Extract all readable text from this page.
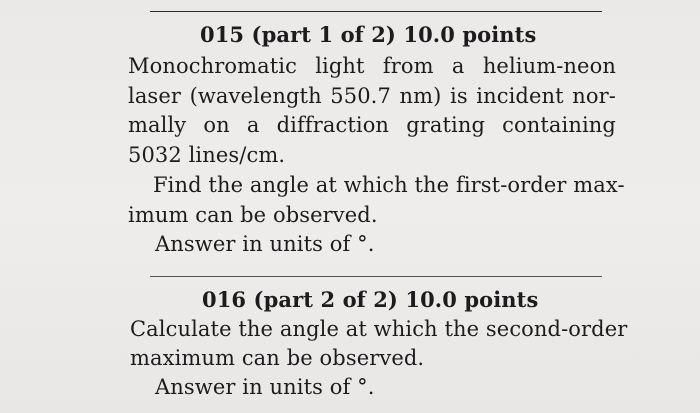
015 (part 1 of 2) 10.0 points
Monochromatic light from a helium-neon
laser (wavelength 550.7 nm) is incident nor-
mally on a diffraction grating containing
5032 lines/cm.
Find the angle at which the first-order max-
imum can be observed.
Answer in units of °.
016 (part 2 of 2) 10.0 points
Calculate the angle at which the second-order
maximum can be observed.
Answer in units of °.
